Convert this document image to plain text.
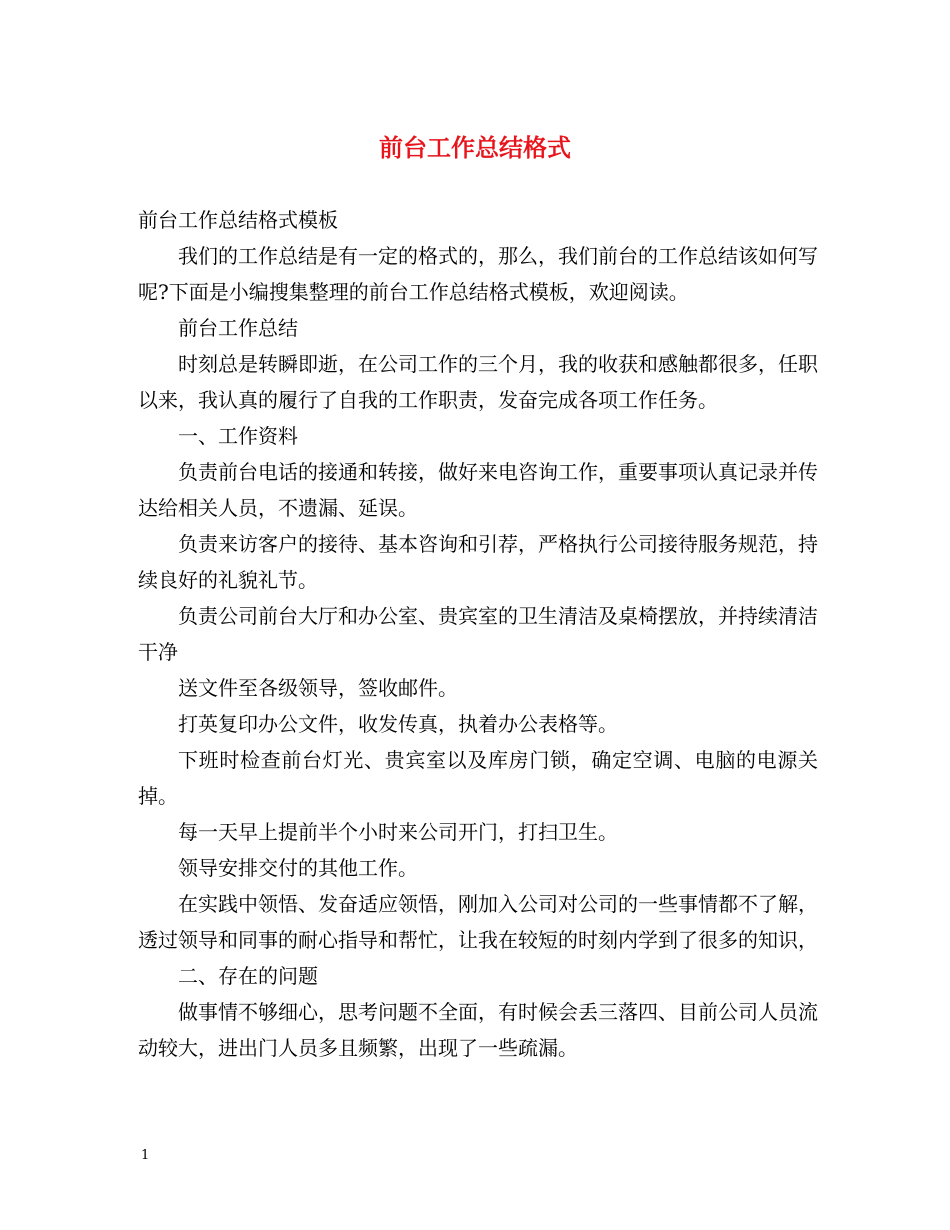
前台工作总结格式

前台工作总结格式模板

我们的工作总结是有一定的格式的，那么，我们前台的工作总结该如何写呢?下面是小编搜集整理的前台工作总结格式模板，欢迎阅读。

前台工作总结

时刻总是转瞬即逝，在公司工作的三个月，我的收获和感触都很多，任职以来，我认真的履行了自我的工作职责，发奋完成各项工作任务。

一、工作资料

负责前台电话的接通和转接，做好来电咨询工作，重要事项认真记录并传达给相关人员，不遗漏、延误。

负责来访客户的接待、基本咨询和引荐，严格执行公司接待服务规范，持续良好的礼貌礼节。

负责公司前台大厅和办公室、贵宾室的卫生清洁及桌椅摆放，并持续清洁干净

送文件至各级领导，签收邮件。

打英复印办公文件，收发传真，执着办公表格等。

下班时检查前台灯光、贵宾室以及库房门锁，确定空调、电脑的电源关掉。

每一天早上提前半个小时来公司开门，打扫卫生。

领导安排交付的其他工作。

在实践中领悟、发奋适应领悟，刚加入公司对公司的一些事情都不了解，透过领导和同事的耐心指导和帮忙，让我在较短的时刻内学到了很多的知识，

二、存在的问题

做事情不够细心，思考问题不全面，有时候会丢三落四、目前公司人员流动较大，进出门人员多且频繁，出现了一些疏漏。

1
